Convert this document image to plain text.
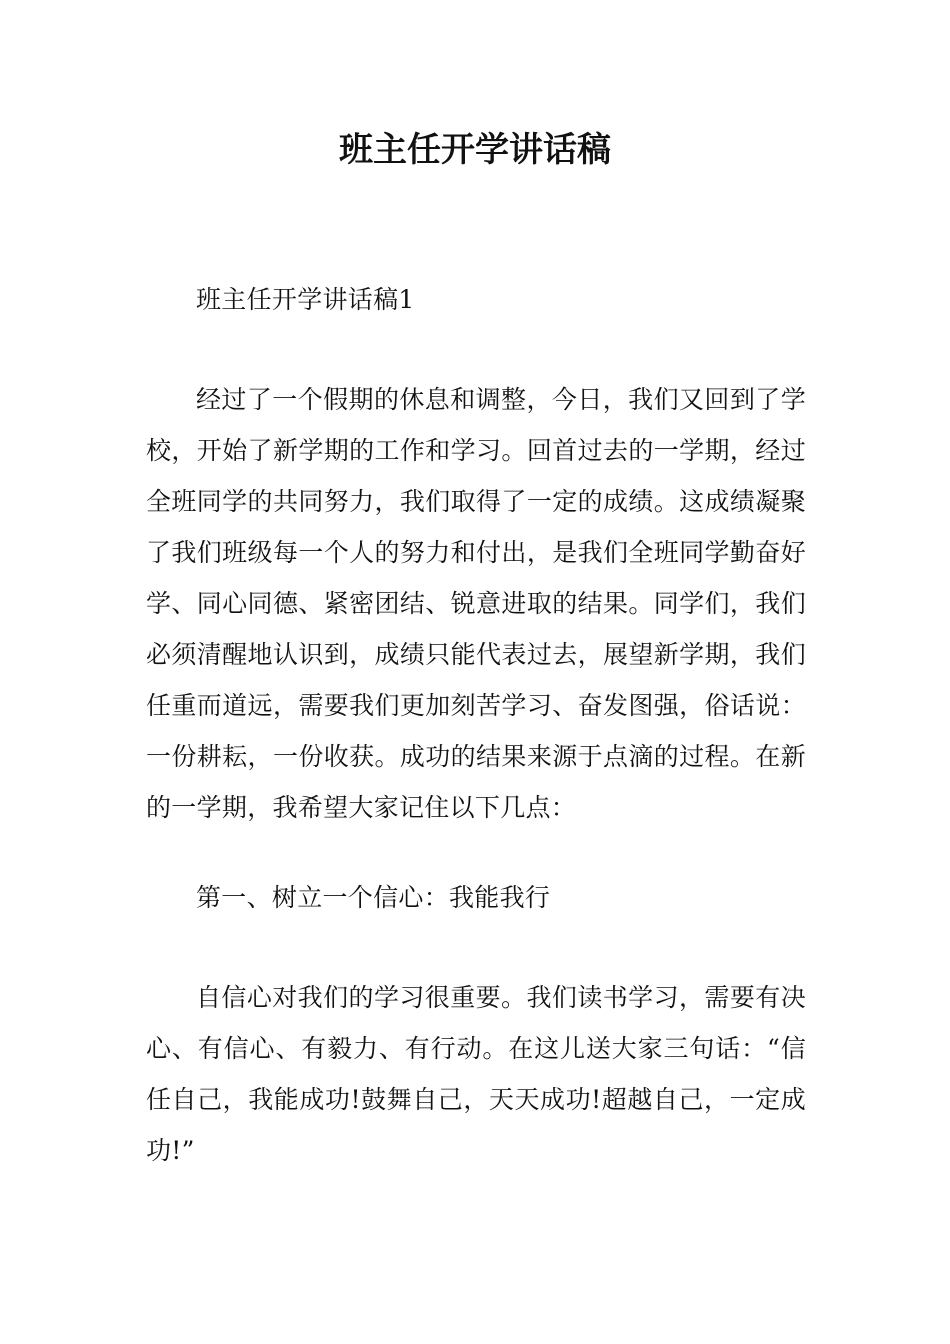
班主任开学讲话稿

班主任开学讲话稿1

经过了一个假期的休息和调整，今日，我们又回到了学校，开始了新学期的工作和学习。回首过去的一学期，经过全班同学的共同努力，我们取得了一定的成绩。这成绩凝聚了我们班级每一个人的努力和付出，是我们全班同学勤奋好学、同心同德、紧密团结、锐意进取的结果。同学们，我们必须清醒地认识到，成绩只能代表过去，展望新学期，我们任重而道远，需要我们更加刻苦学习、奋发图强，俗话说：一份耕耘，一份收获。成功的结果来源于点滴的过程。在新的一学期，我希望大家记住以下几点：

第一、树立一个信心：我能我行

自信心对我们的学习很重要。我们读书学习，需要有决心、有信心、有毅力、有行动。在这儿送大家三句话：“信任自己，我能成功!鼓舞自己，天天成功!超越自己，一定成功!”
